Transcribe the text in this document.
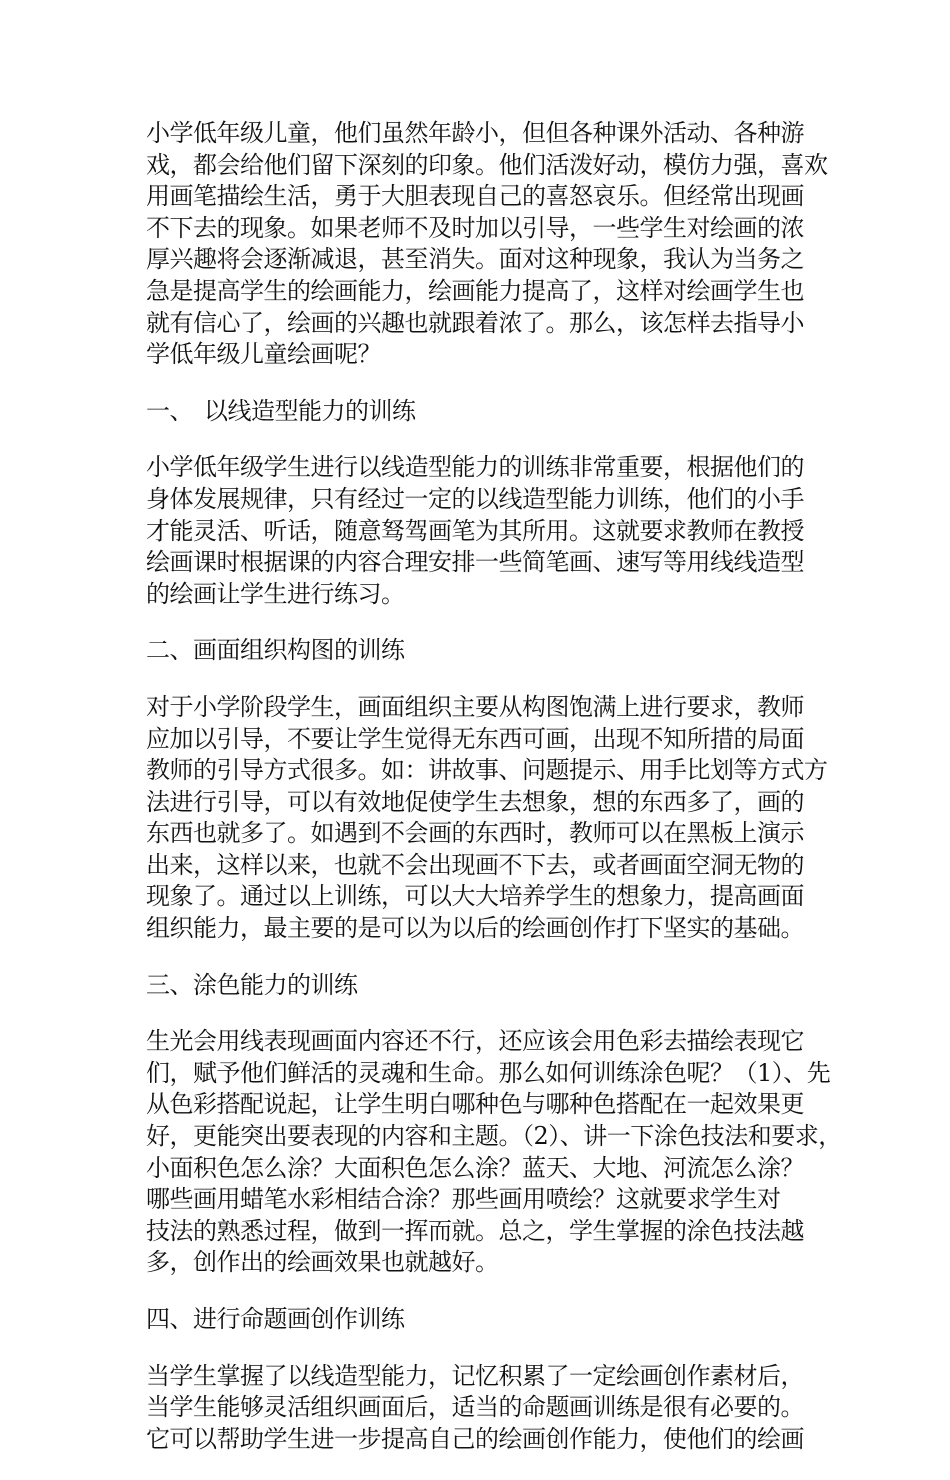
小学低年级儿童，他们虽然年龄小，但但各种课外活动、各种游
戏，都会给他们留下深刻的印象。他们活泼好动，模仿力强，喜欢
用画笔描绘生活，勇于大胆表现自己的喜怒哀乐。但经常出现画
不下去的现象。如果老师不及时加以引导，一些学生对绘画的浓
厚兴趣将会逐渐减退，甚至消失。面对这种现象，我认为当务之
急是提高学生的绘画能力，绘画能力提高了，这样对绘画学生也
就有信心了，绘画的兴趣也就跟着浓了。那么，该怎样去指导小
学低年级儿童绘画呢？
一、 以线造型能力的训练
小学低年级学生进行以线造型能力的训练非常重要，根据他们的
身体发展规律，只有经过一定的以线造型能力训练，他们的小手
才能灵活、听话，随意驽驾画笔为其所用。这就要求教师在教授
绘画课时根据课的内容合理安排一些简笔画、速写等用线线造型
的绘画让学生进行练习。
二、画面组织构图的训练
对于小学阶段学生，画面组织主要从构图饱满上进行要求，教师
应加以引导，不要让学生觉得无东西可画，出现不知所措的局面
教师的引导方式很多。如：讲故事、问题提示、用手比划等方式方
法进行引导，可以有效地促使学生去想象，想的东西多了，画的
东西也就多了。如遇到不会画的东西时，教师可以在黑板上演示
出来，这样以来，也就不会出现画不下去，或者画面空洞无物的
现象了。通过以上训练，可以大大培养学生的想象力，提高画面
组织能力，最主要的是可以为以后的绘画创作打下坚实的基础。
三、涂色能力的训练
生光会用线表现画面内容还不行，还应该会用色彩去描绘表现它
们，赋予他们鲜活的灵魂和生命。那么如何训练涂色呢？（1）、先
从色彩搭配说起，让学生明白哪种色与哪种色搭配在一起效果更
好，更能突出要表现的内容和主题。（2）、讲一下涂色技法和要求，
小面积色怎么涂？大面积色怎么涂？蓝天、大地、河流怎么涂？
哪些画用蜡笔水彩相结合涂？那些画用喷绘？这就要求学生对
技法的熟悉过程，做到一挥而就。总之，学生掌握的涂色技法越
多，创作出的绘画效果也就越好。
四、进行命题画创作训练
当学生掌握了以线造型能力，记忆积累了一定绘画创作素材后，
当学生能够灵活组织画面后，适当的命题画训练是很有必要的。
它可以帮助学生进一步提高自己的绘画创作能力，使他们的绘画
